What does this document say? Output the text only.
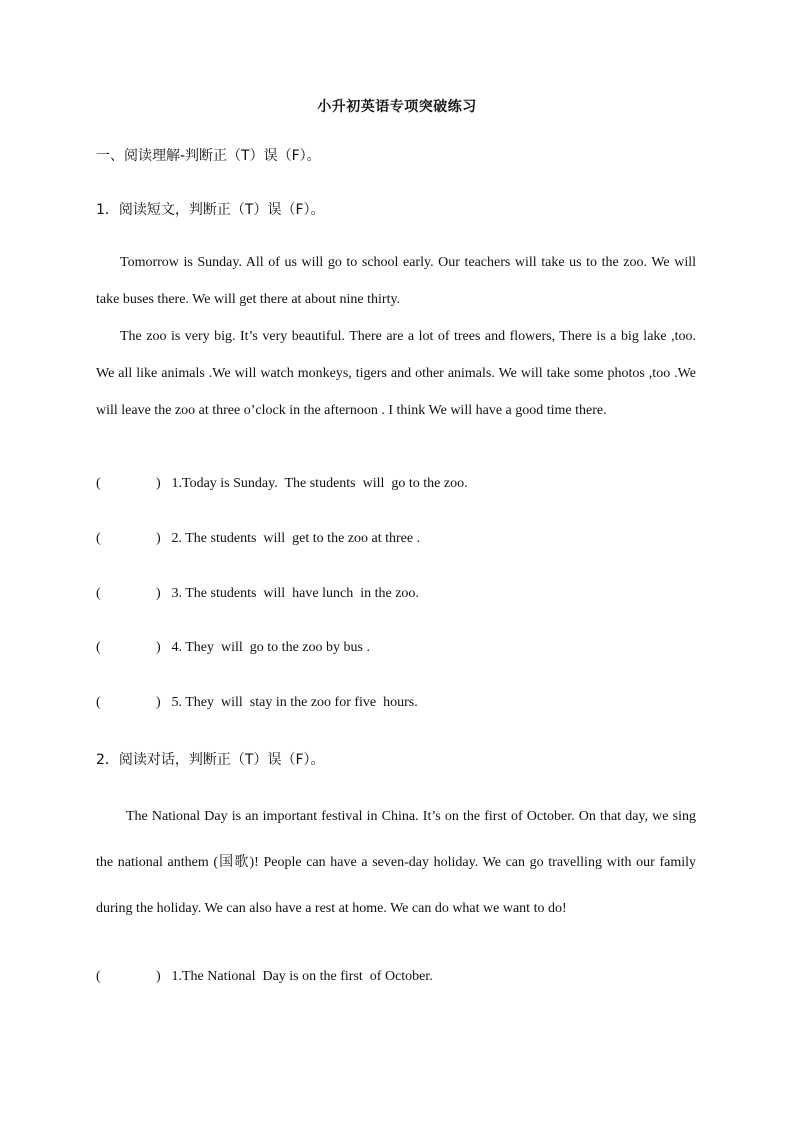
小升初英语专项突破练习
一、阅读理解-判断正（T）误（F）。
1．阅读短文，判断正（T）误（F）。
Tomorrow is Sunday. All of us will go to school early. Our teachers will take us to the zoo. We will take buses there. We will get there at about nine thirty.
The zoo is very big. It’s very beautiful. There are a lot of trees and flowers, There is a big lake ,too. We all like animals .We will watch monkeys, tigers and other animals. We will take some photos ,too .We will leave the zoo at three o’clock in the afternoon . I think We will have a good time there.
(	) 1.Today is Sunday.  The students  will  go to the zoo.
(	) 2. The students  will  get to the zoo at three .
(	) 3. The students  will  have lunch  in the zoo.
(	) 4. They  will  go to the zoo by bus .
(	) 5. They  will  stay in the zoo for five  hours.
2．阅读对话，判断正（T）误（F）。
The National Day is an important festival in China. It’s on the first of October. On that day, we sing the national anthem (国歌)! People can have a seven-day holiday. We can go travelling with our family during the holiday. We can also have a rest at home. We can do what we want to do!
(	) 1.The National  Day is on the first  of October.
